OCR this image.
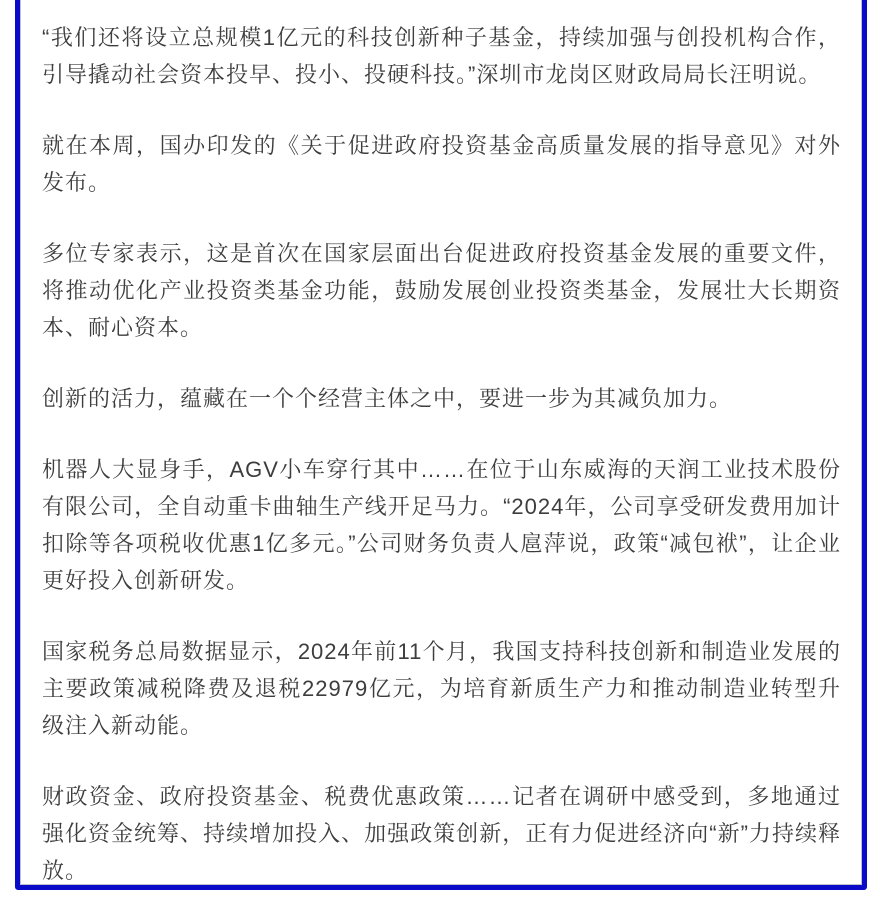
“我们还将设立总规模1亿元的科技创新种子基金，持续加强与创投机构合作，引导撬动社会资本投早、投小、投硬科技。”深圳市龙岗区财政局局长汪明说。

就在本周，国办印发的《关于促进政府投资基金高质量发展的指导意见》对外发布。

多位专家表示，这是首次在国家层面出台促进政府投资基金发展的重要文件，将推动优化产业投资类基金功能，鼓励发展创业投资类基金，发展壮大长期资本、耐心资本。

创新的活力，蕴藏在一个个经营主体之中，要进一步为其减负加力。

机器人大显身手，AGV小车穿行其中……在位于山东威海的天润工业技术股份有限公司，全自动重卡曲轴生产线开足马力。“2024年，公司享受研发费用加计扣除等各项税收优惠1亿多元。”公司财务负责人扈萍说，政策“减包袱”，让企业更好投入创新研发。

国家税务总局数据显示，2024年前11个月，我国支持科技创新和制造业发展的主要政策减税降费及退税22979亿元，为培育新质生产力和推动制造业转型升级注入新动能。

财政资金、政府投资基金、税费优惠政策……记者在调研中感受到，多地通过强化资金统筹、持续增加投入、加强政策创新，正有力促进经济向“新”力持续释放。
